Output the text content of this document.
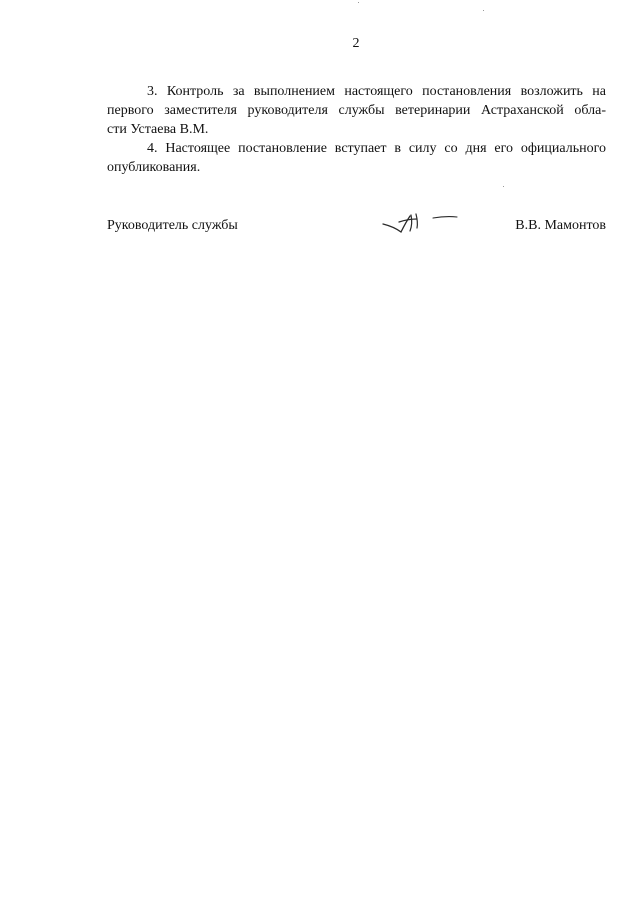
2

3. Контроль за выполнением настоящего постановления возложить на
первого заместителя руководителя службы ветеринарии Астраханской обла-
сти Устаева В.М.

4. Настоящее постановление вступает в силу со дня его официального
опубликования.

Руководитель службы	В.В. Мамонтов
